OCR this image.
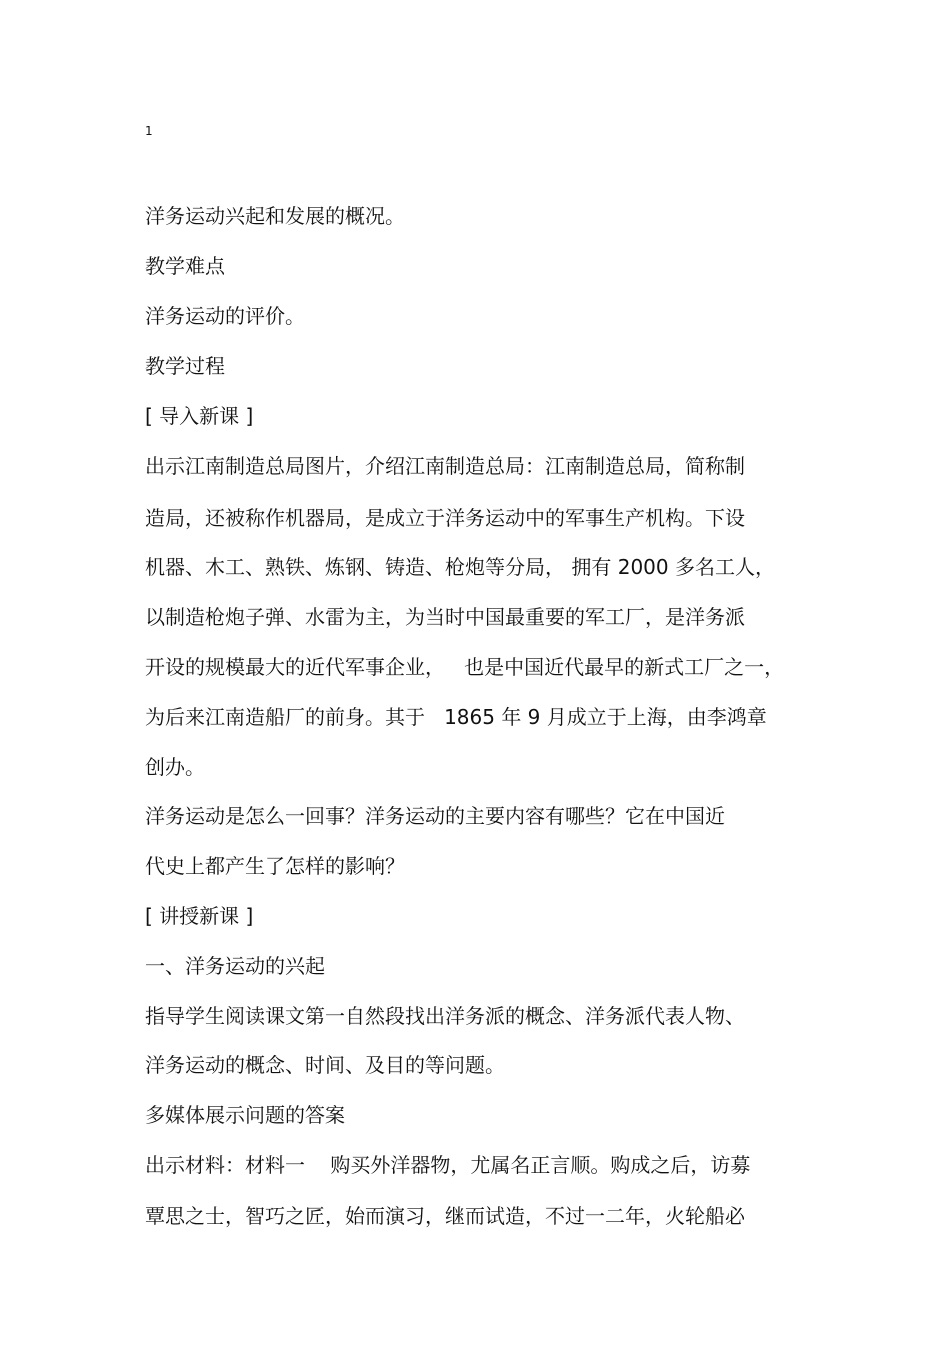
1
洋务运动兴起和发展的概况。
教学难点
洋务运动的评价。
教学过程
[ 导入新课 ]
出示江南制造总局图片，介绍江南制造总局：江南制造总局，简称制
造局，还被称作机器局，是成立于洋务运动中的军事生产机构。下设
机器、木工、熟铁、炼钢、铸造、枪炮等分局， 拥有 2000 多名工人，
以制造枪炮子弹、水雷为主，为当时中国最重要的军工厂，是洋务派
开设的规模最大的近代军事企业，   也是中国近代最早的新式工厂之一，
为后来江南造船厂的前身。其于   1865 年 9 月成立于上海，由李鸿章
创办。
洋务运动是怎么一回事？洋务运动的主要内容有哪些？它在中国近
代史上都产生了怎样的影响？
[ 讲授新课 ]
一、洋务运动的兴起
指导学生阅读课文第一自然段找出洋务派的概念、洋务派代表人物、
洋务运动的概念、时间、及目的等问题。
多媒体展示问题的答案
出示材料：材料一    购买外洋器物，尤属名正言顺。购成之后，访募
覃思之士，智巧之匠，始而演习，继而试造，不过一二年，火轮船必
